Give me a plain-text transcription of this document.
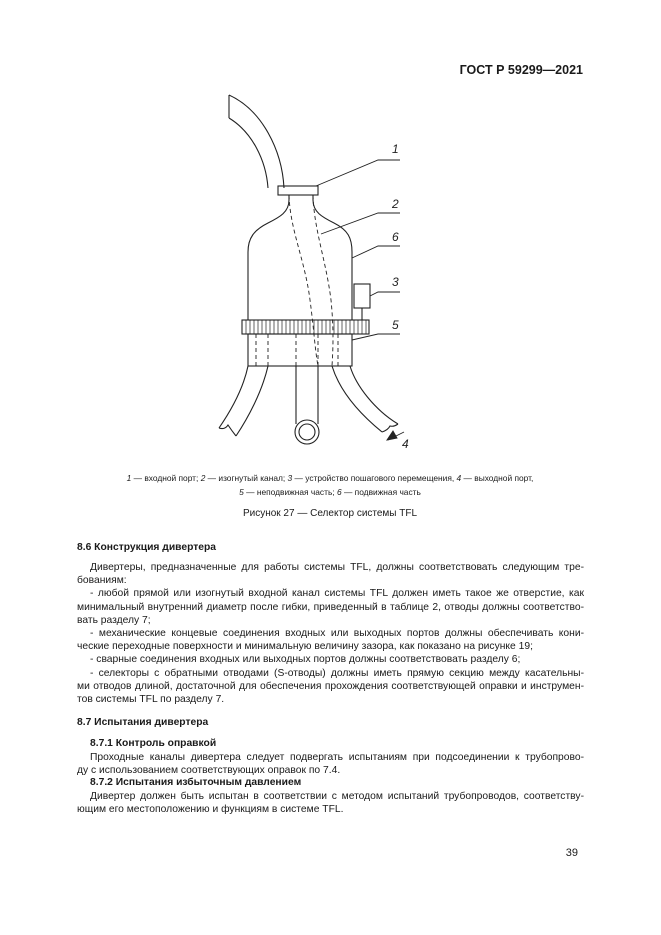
ГОСТ Р 59299—2021
1
2
6
3
5
4
1 — входной порт; 2 — изогнутый канал; 3 — устройство пошагового перемещения, 4 — выходной порт,
5 — неподвижная часть; 6 — подвижная часть
Рисунок 27 — Селектор системы TFL
8.6 Конструкция дивертера
Дивертеры, предназначенные для работы системы TFL, должны соответствовать следующим тре-
бованиям:
- любой прямой или изогнутый входной канал системы TFL должен иметь такое же отверстие, как
минимальный внутренний диаметр после гибки, приведенный в таблице 2, отводы должны соответство-
вать разделу 7;
- механические концевые соединения входных или выходных портов должны обеспечивать кони-
ческие переходные поверхности и минимальную величину зазора, как показано на рисунке 19;
- сварные соединения входных или выходных портов должны соответствовать разделу 6;
- селекторы с обратными отводами (S-отводы) должны иметь прямую секцию между касательны-
ми отводов длиной, достаточной для обеспечения прохождения соответствующей оправки и инструмен-
тов системы TFL по разделу 7.
8.7 Испытания дивертера
8.7.1 Контроль оправкой
Проходные каналы дивертера следует подвергать испытаниям при подсоединении к трубопрово-
ду с использованием соответствующих оправок по 7.4.
8.7.2 Испытания избыточным давлением
Дивертер должен быть испытан в соответствии с методом испытаний трубопроводов, соответству-
ющим его местоположению и функциям в системе TFL.
39
